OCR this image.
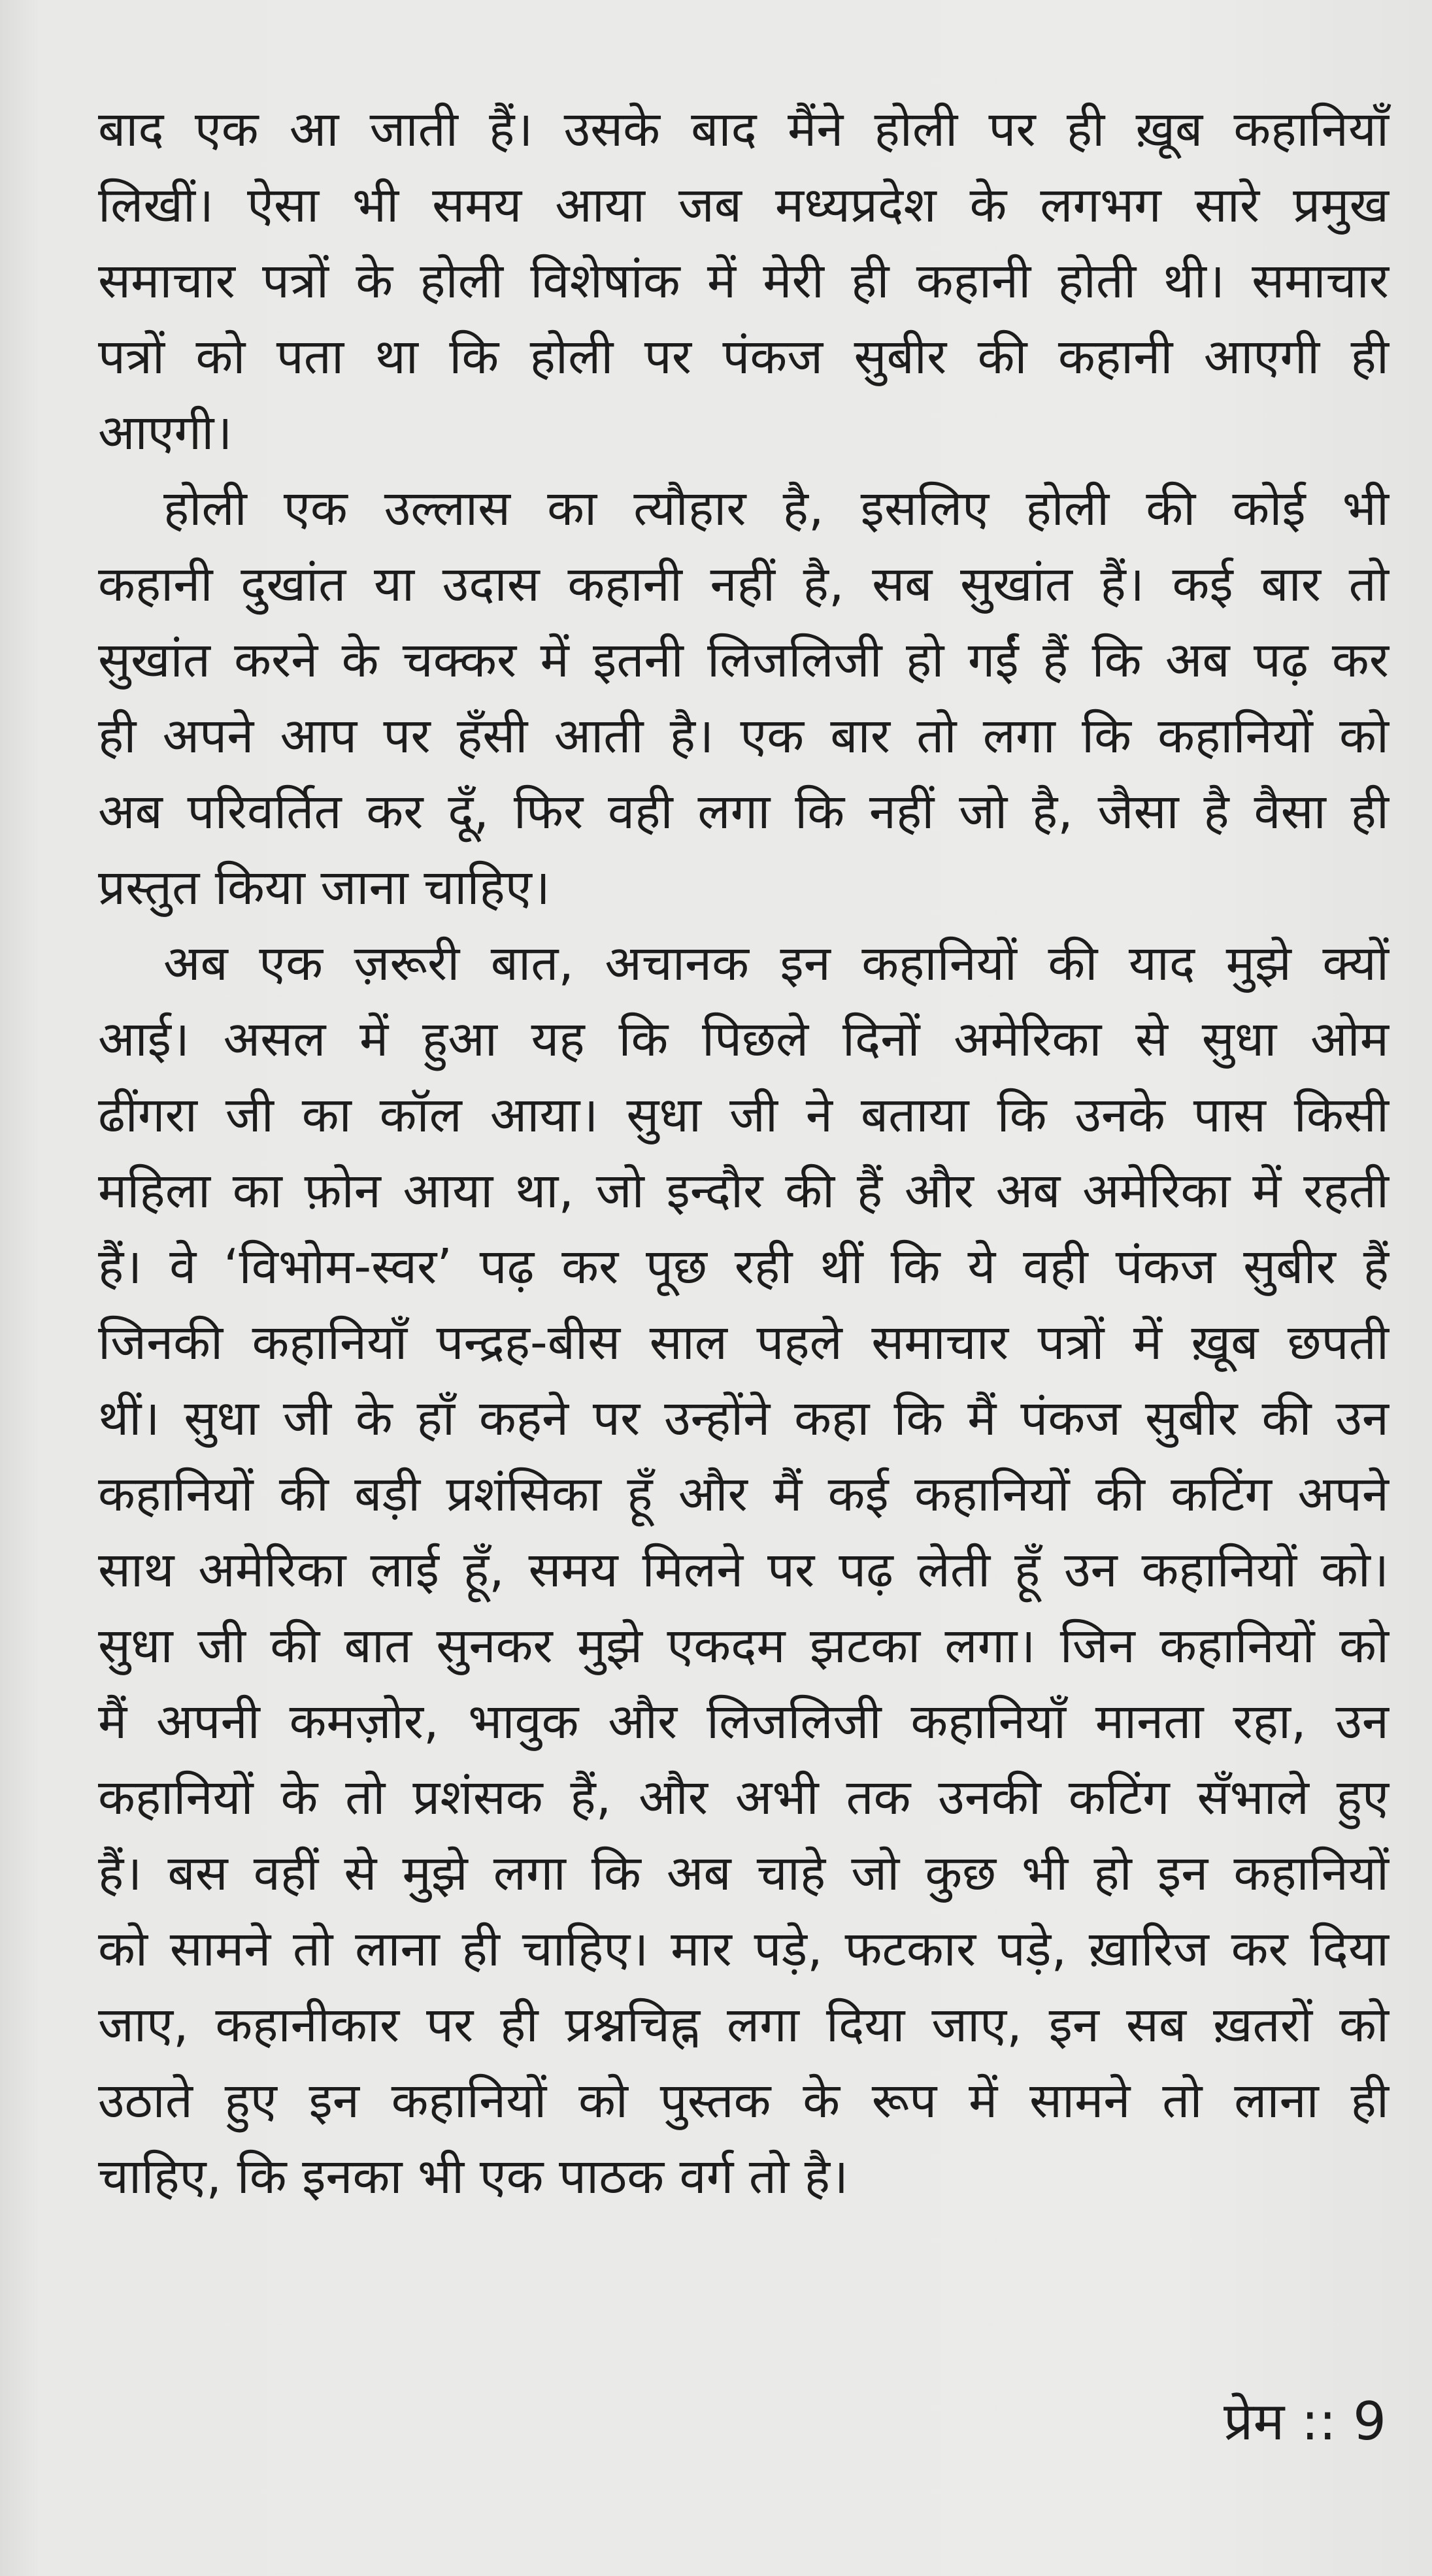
बाद एक आ जाती हैं। उसके बाद मैंने होली पर ही ख़ूब कहानियाँ
लिखीं। ऐसा भी समय आया जब मध्यप्रदेश के लगभग सारे प्रमुख
समाचार पत्रों के होली विशेषांक में मेरी ही कहानी होती थी। समाचार
पत्रों को पता था कि होली पर पंकज सुबीर की कहानी आएगी ही
आएगी।
होली एक उल्लास का त्यौहार है, इसलिए होली की कोई भी
कहानी दुखांत या उदास कहानी नहीं है, सब सुखांत हैं। कई बार तो
सुखांत करने के चक्कर में इतनी लिजलिजी हो गईं हैं कि अब पढ़ कर
ही अपने आप पर हँसी आती है। एक बार तो लगा कि कहानियों को
अब परिवर्तित कर दूँ, फिर वही लगा कि नहीं जो है, जैसा है वैसा ही
प्रस्तुत किया जाना चाहिए।
अब एक ज़रूरी बात, अचानक इन कहानियों की याद मुझे क्यों
आई। असल में हुआ यह कि पिछले दिनों अमेरिका से सुधा ओम
ढींगरा जी का कॉल आया। सुधा जी ने बताया कि उनके पास किसी
महिला का फ़ोन आया था, जो इन्दौर की हैं और अब अमेरिका में रहती
हैं। वे ‘विभोम-स्वर’ पढ़ कर पूछ रही थीं कि ये वही पंकज सुबीर हैं
जिनकी कहानियाँ पन्द्रह-बीस साल पहले समाचार पत्रों में ख़ूब छपती
थीं। सुधा जी के हाँ कहने पर उन्होंने कहा कि मैं पंकज सुबीर की उन
कहानियों की बड़ी प्रशंसिका हूँ और मैं कई कहानियों की कटिंग अपने
साथ अमेरिका लाई हूँ, समय मिलने पर पढ़ लेती हूँ उन कहानियों को।
सुधा जी की बात सुनकर मुझे एकदम झटका लगा। जिन कहानियों को
मैं अपनी कमज़ोर, भावुक और लिजलिजी कहानियाँ मानता रहा, उन
कहानियों के तो प्रशंसक हैं, और अभी तक उनकी कटिंग सँभाले हुए
हैं। बस वहीं से मुझे लगा कि अब चाहे जो कुछ भी हो इन कहानियों
को सामने तो लाना ही चाहिए। मार पड़े, फटकार पड़े, ख़ारिज कर दिया
जाए, कहानीकार पर ही प्रश्नचिह्न लगा दिया जाए, इन सब ख़तरों को
उठाते हुए इन कहानियों को पुस्तक के रूप में सामने तो लाना ही
चाहिए, कि इनका भी एक पाठक वर्ग तो है।
प्रेम :: 9
